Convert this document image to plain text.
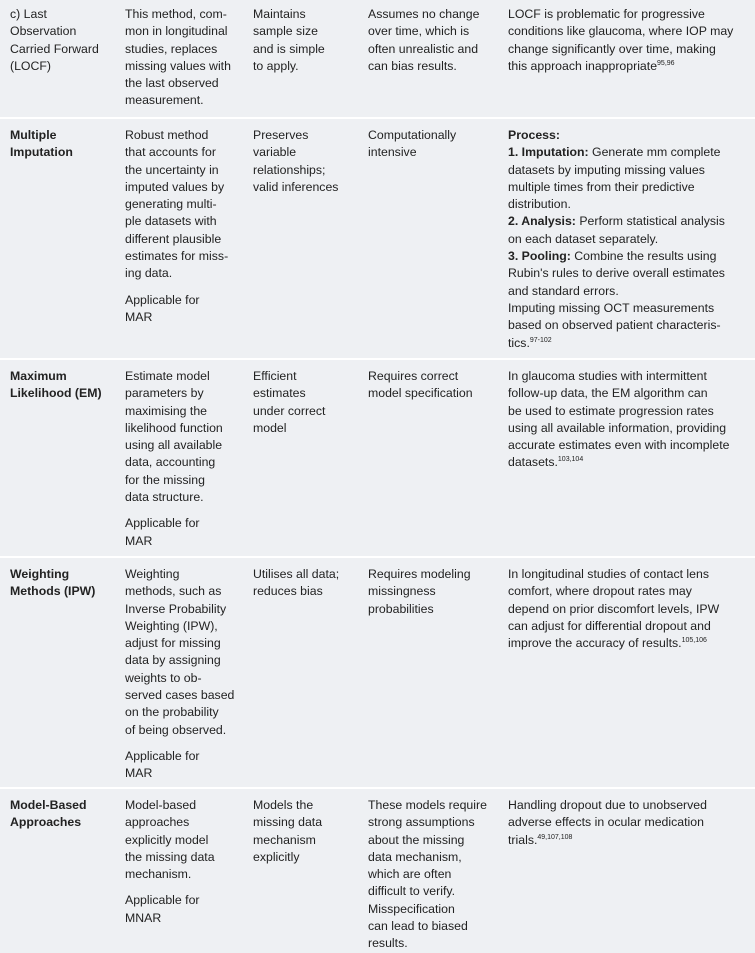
c) Last
Observation
Carried Forward
(LOCF)
This method, com-
mon in longitudinal
studies, replaces
missing values with
the last observed
measurement.
Maintains
sample size
and is simple
to apply.
Assumes no change
over time, which is
often unrealistic and
can bias results.
LOCF is problematic for progressive
conditions like glaucoma, where IOP may
change significantly over time, making
this approach inappropriate$^{95,96}$
Multiple
Imputation
Robust method
that accounts for
the uncertainty in
imputed values by
generating multi-
ple datasets with
different plausible
estimates for miss-
ing data.
Applicable for
MAR
Preserves
variable
relationships;
valid inferences
Computationally
intensive
Process:
1. Imputation: Generate mm complete
datasets by imputing missing values
multiple times from their predictive
distribution.
2. Analysis: Perform statistical analysis
on each dataset separately.
3. Pooling: Combine the results using
Rubin's rules to derive overall estimates
and standard errors.
Imputing missing OCT measurements
based on observed patient characteris-
tics.$^{97-102}$
Maximum
Likelihood (EM)
Estimate model
parameters by
maximising the
likelihood function
using all available
data, accounting
for the missing
data structure.
Applicable for
MAR
Efficient
estimates
under correct
model
Requires correct
model specification
In glaucoma studies with intermittent
follow-up data, the EM algorithm can
be used to estimate progression rates
using all available information, providing
accurate estimates even with incomplete
datasets.$^{103,104}$
Weighting
Methods (IPW)
Weighting
methods, such as
Inverse Probability
Weighting (IPW),
adjust for missing
data by assigning
weights to ob-
served cases based
on the probability
of being observed.
Applicable for
MAR
Utilises all data;
reduces bias
Requires modeling
missingness
probabilities
In longitudinal studies of contact lens
comfort, where dropout rates may
depend on prior discomfort levels, IPW
can adjust for differential dropout and
improve the accuracy of results.$^{105,106}$
Model-Based
Approaches
Model-based
approaches
explicitly model
the missing data
mechanism.
Applicable for
MNAR
Models the
missing data
mechanism
explicitly
These models require
strong assumptions
about the missing
data mechanism,
which are often
difficult to verify.
Misspecification
can lead to biased
results.
Handling dropout due to unobserved
adverse effects in ocular medication
trials.$^{49,107,108}$
